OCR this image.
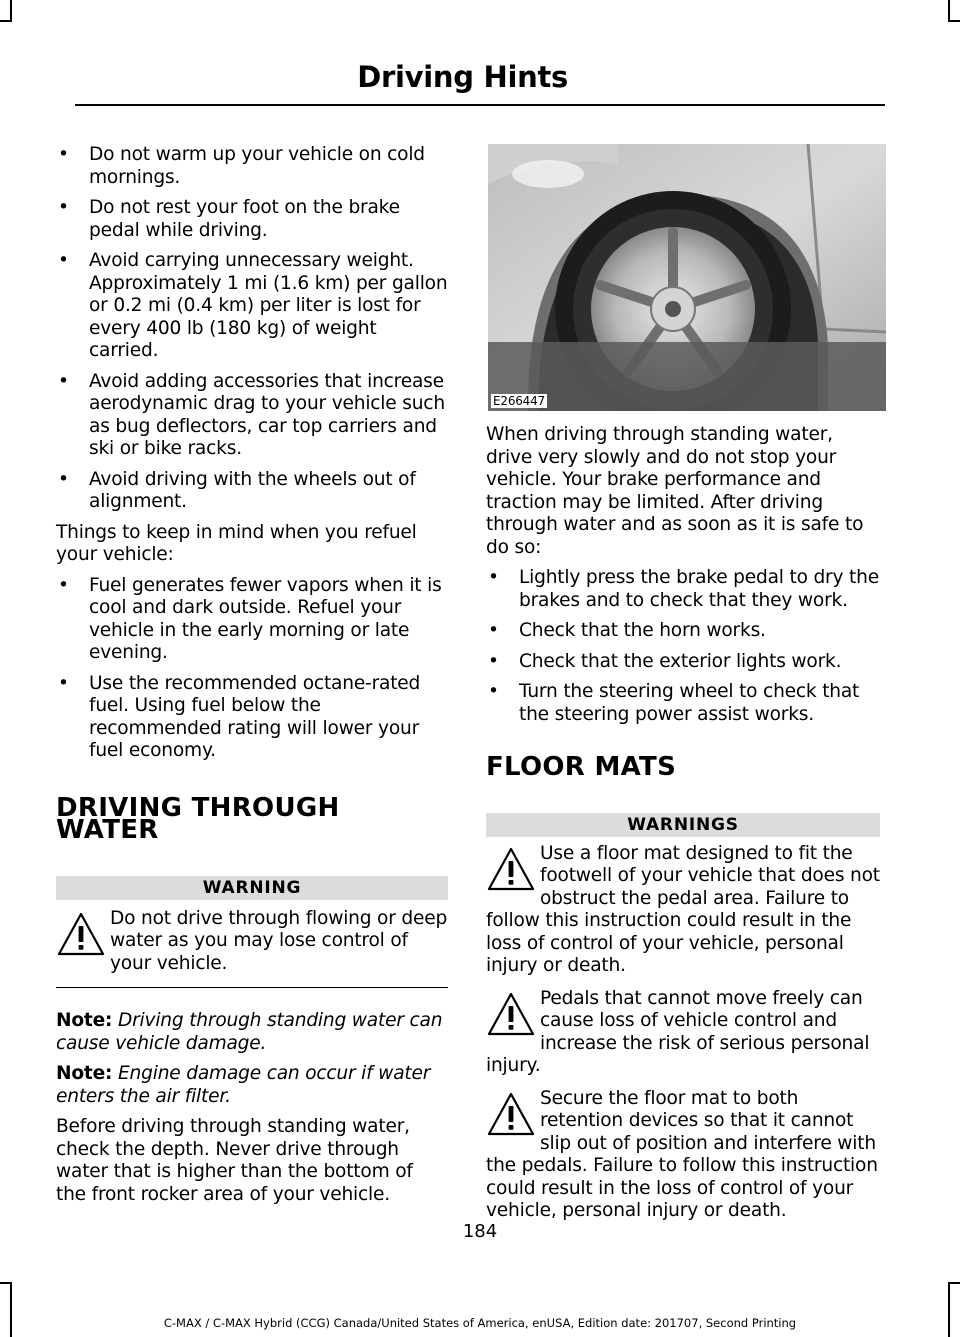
Driving Hints
• Do not warm up your vehicle on cold mornings.
• Do not rest your foot on the brake pedal while driving.
• Avoid carrying unnecessary weight. Approximately 1 mi (1.6 km) per gallon or 0.2 mi (0.4 km) per liter is lost for every 400 lb (180 kg) of weight carried.
• Avoid adding accessories that increase aerodynamic drag to your vehicle such as bug deflectors, car top carriers and ski or bike racks.
• Avoid driving with the wheels out of alignment.

Things to keep in mind when you refuel your vehicle:

• Fuel generates fewer vapors when it is cool and dark outside. Refuel your vehicle in the early morning or late evening.
• Use the recommended octane-rated fuel. Using fuel below the recommended rating will lower your fuel economy.
DRIVING THROUGH WATER
WARNING
Do not drive through flowing or deep water as you may lose control of your vehicle.

Note: Driving through standing water can cause vehicle damage.

Note: Engine damage can occur if water enters the air filter.

Before driving through standing water, check the depth. Never drive through water that is higher than the bottom of the front rocker area of your vehicle.

E266447

When driving through standing water, drive very slowly and do not stop your vehicle. Your brake performance and traction may be limited. After driving through water and as soon as it is safe to do so:

• Lightly press the brake pedal to dry the brakes and to check that they work.
• Check that the horn works.
• Check that the exterior lights work.
• Turn the steering wheel to check that the steering power assist works.
FLOOR MATS
WARNINGS
Use a floor mat designed to fit the footwell of your vehicle that does not obstruct the pedal area. Failure to follow this instruction could result in the loss of control of your vehicle, personal injury or death.
Pedals that cannot move freely can cause loss of vehicle control and increase the risk of serious personal injury.
Secure the floor mat to both retention devices so that it cannot slip out of position and interfere with the pedals. Failure to follow this instruction could result in the loss of control of your vehicle, personal injury or death.
184
C-MAX / C-MAX Hybrid (CCG) Canada/United States of America, enUSA, Edition date: 201707, Second Printing
